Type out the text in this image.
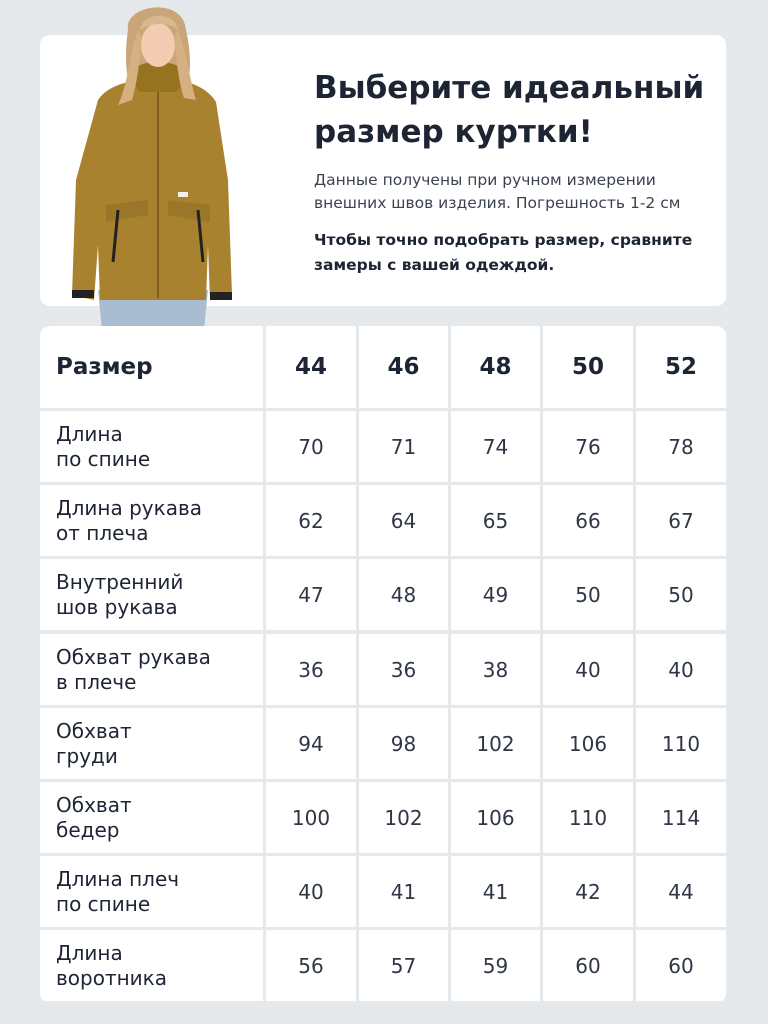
Выберите идеальный
размер куртки!

Данные получены при ручном измерении
внешних швов изделия. Погрешность 1-2 см

Чтобы точно подобрать размер, сравните
замеры с вашей одеждой.

Размер	44	46	48	50	52
Длина
по спине	70	71	74	76	78
Длина рукава
от плеча	62	64	65	66	67
Внутренний
шов рукава	47	48	49	50	50
Обхват рукава
в плече	36	36	38	40	40
Обхват
груди	94	98	102	106	110
Обхват
бедер	100	102	106	110	114
Длина плеч
по спине	40	41	41	42	44
Длина
воротника	56	57	59	60	60
